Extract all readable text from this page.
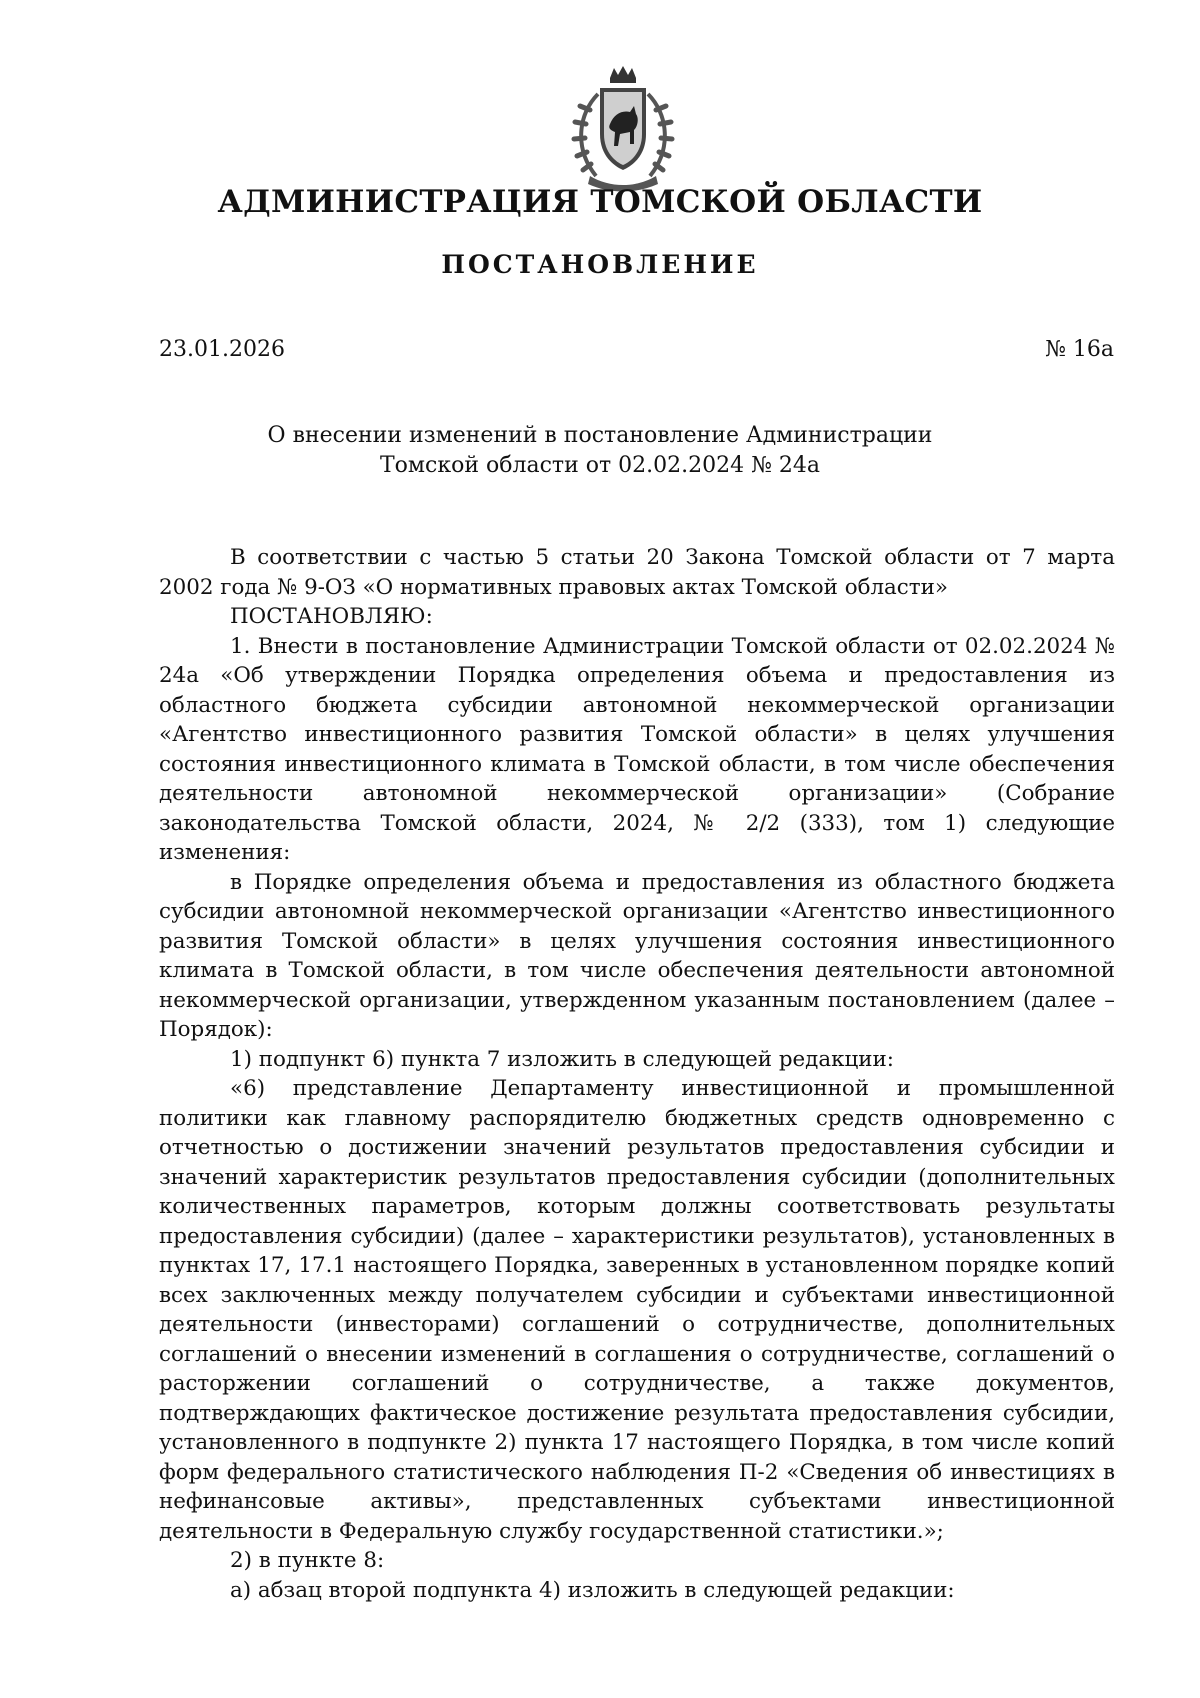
АДМИНИСТРАЦИЯ ТОМСКОЙ ОБЛАСТИ
ПОСТАНОВЛЕНИЕ
23.01.2026	№ 16а
О внесении изменений в постановление Администрации
Томской области от 02.02.2024 № 24а

В соответствии с частью 5 статьи 20 Закона Томской области от 7 марта 2002 года № 9-ОЗ «О нормативных правовых актах Томской области»

ПОСТАНОВЛЯЮ:

1. Внести в постановление Администрации Томской области от 02.02.2024 № 24а «Об утверждении Порядка определения объема и предоставления из областного бюджета субсидии автономной некоммерческой организации «Агентство инвестиционного развития Томской области» в целях улучшения состояния инвестиционного климата в Томской области, в том числе обеспечения деятельности автономной некоммерческой организации» (Собрание законодательства Томской области, 2024, № 2/2 (333), том 1) следующие изменения:

в Порядке определения объема и предоставления из областного бюджета субсидии автономной некоммерческой организации «Агентство инвестиционного развития Томской области» в целях улучшения состояния инвестиционного климата в Томской области, в том числе обеспечения деятельности автономной некоммерческой организации, утвержденном указанным постановлением (далее – Порядок):

1) подпункт 6) пункта 7 изложить в следующей редакции:

«6) представление Департаменту инвестиционной и промышленной политики как главному распорядителю бюджетных средств одновременно с отчетностью о достижении значений результатов предоставления субсидии и значений характеристик результатов предоставления субсидии (дополнительных количественных параметров, которым должны соответствовать результаты предоставления субсидии) (далее – характеристики результатов), установленных в пунктах 17, 17.1 настоящего Порядка, заверенных в установленном порядке копий всех заключенных между получателем субсидии и субъектами инвестиционной деятельности (инвесторами) соглашений о сотрудничестве, дополнительных соглашений о внесении изменений в соглашения о сотрудничестве, соглашений о расторжении соглашений о сотрудничестве, а также документов, подтверждающих фактическое достижение результата предоставления субсидии, установленного в подпункте 2) пункта 17 настоящего Порядка, в том числе копий форм федерального статистического наблюдения П-2 «Сведения об инвестициях в нефинансовые активы», представленных субъектами инвестиционной деятельности в Федеральную службу государственной статистики.»;

2) в пункте 8:

а) абзац второй подпункта 4) изложить в следующей редакции:
